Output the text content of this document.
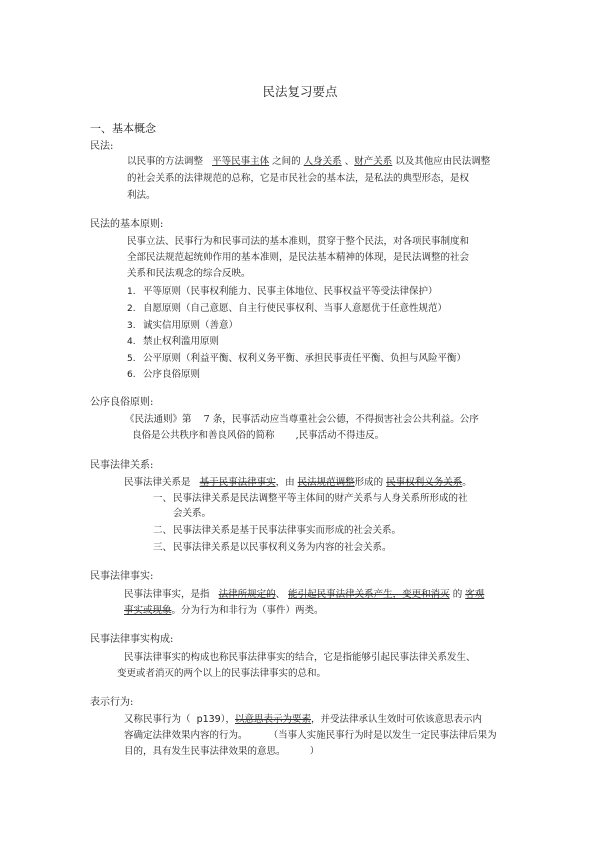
民法复习要点
一、基本概念
民法:
以民事的方法调整 平等民事主体 之间的 人身关系 、财产关系 以及其他应由民法调整
的社会关系的法律规范的总称，它是市民社会的基本法，是私法的典型形态，是权
利法。
民法的基本原则:
民事立法、民事行为和民事司法的基本准则，贯穿于整个民法，对各项民事制度和
全部民法规范起统帅作用的基本准则，是民法基本精神的体现，是民法调整的社会
关系和民法观念的综合反映。
1. 平等原则（民事权利能力、民事主体地位、民事权益平等受法律保护）
2. 自愿原则（自己意愿、自主行使民事权利、当事人意愿优于任意性规范）
3. 诚实信用原则（善意）
4. 禁止权利滥用原则
5. 公平原则（利益平衡、权利义务平衡、承担民事责任平衡、负担与风险平衡）
6. 公序良俗原则
公序良俗原则:
《民法通则》第 7 条，民事活动应当尊重社会公德，不得损害社会公共利益。公序
良俗是公共秩序和善良风俗的简称 ,民事活动不得违反。
民事法律关系:
民事法律关系是 基于民事法律事实，由 民法规范调整形成的 民事权利义务关系。
一、民事法律关系是民法调整平等主体间的财产关系与人身关系所形成的社
会关系。
二、民事法律关系是基于民事法律事实而形成的社会关系。
三、民事法律关系是以民事权利义务为内容的社会关系。
民事法律事实:
民事法律事实，是指 法律所规定的、 能引起民事法律关系产生，变更和消灭 的 客观
事实或现象。分为行为和非行为（事件）两类。
民事法律事实构成:
民事法律事实的构成也称民事法律事实的结合，它是指能够引起民事法律关系发生、
变更或者消灭的两个以上的民事法律事实的总和。
表示行为:
又称民事行为（ p139），以意思表示为要素，并受法律承认生效时可依该意思表示内
容确定法律效果内容的行为。 （当事人实施民事行为时是以发生一定民事法律后果为
目的，具有发生民事法律效果的意思。	）
